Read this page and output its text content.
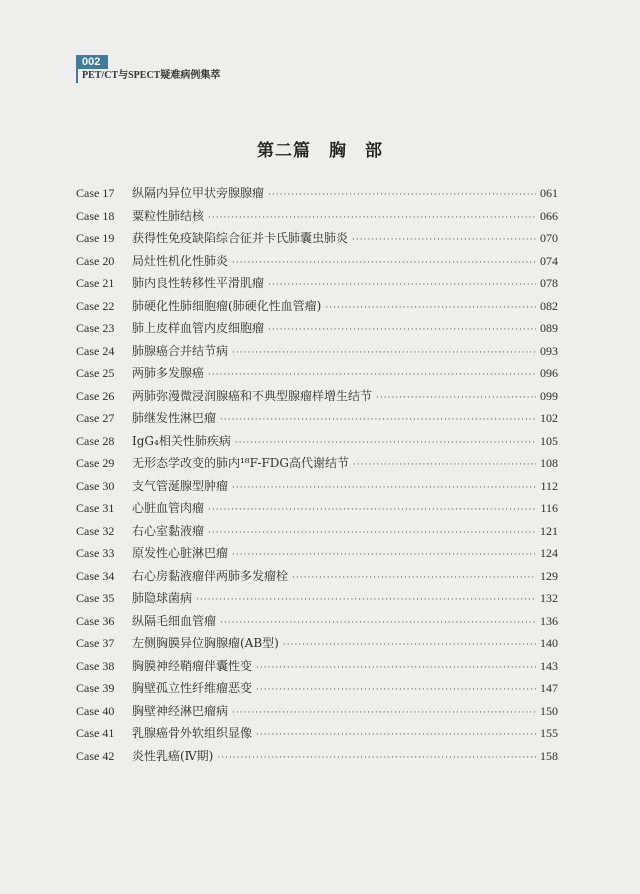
002
PET/CT与SPECT疑难病例集萃
第二篇　胸　部
Case 17	纵隔内异位甲状旁腺腺瘤 ·····	061
Case 18	粟粒性肺结核 ·····	066
Case 19	获得性免疫缺陷综合征并卡氏肺囊虫肺炎 ·····	070
Case 20	局灶性机化性肺炎 ·····	074
Case 21	肺内良性转移性平滑肌瘤 ·····	078
Case 22	肺硬化性肺细胞瘤(肺硬化性血管瘤) ·····	082
Case 23	肺上皮样血管内皮细胞瘤 ·····	089
Case 24	肺腺癌合并结节病 ·····	093
Case 25	两肺多发腺癌 ·····	096
Case 26	两肺弥漫微浸润腺癌和不典型腺瘤样增生结节 ·····	099
Case 27	肺继发性淋巴瘤 ·····	102
Case 28	IgG₄相关性肺疾病 ·····	105
Case 29	无形态学改变的肺内¹⁸F-FDG高代谢结节 ·····	108
Case 30	支气管涎腺型肿瘤 ·····	112
Case 31	心脏血管肉瘤 ·····	116
Case 32	右心室黏液瘤 ·····	121
Case 33	原发性心脏淋巴瘤 ·····	124
Case 34	右心房黏液瘤伴两肺多发瘤栓 ·····	129
Case 35	肺隐球菌病 ·····	132
Case 36	纵隔毛细血管瘤 ·····	136
Case 37	左侧胸膜异位胸腺瘤(AB型) ·····	140
Case 38	胸膜神经鞘瘤伴囊性变 ·····	143
Case 39	胸壁孤立性纤维瘤恶变 ·····	147
Case 40	胸壁神经淋巴瘤病 ·····	150
Case 41	乳腺癌骨外软组织显像 ·····	155
Case 42	炎性乳癌(Ⅳ期) ·····	158
